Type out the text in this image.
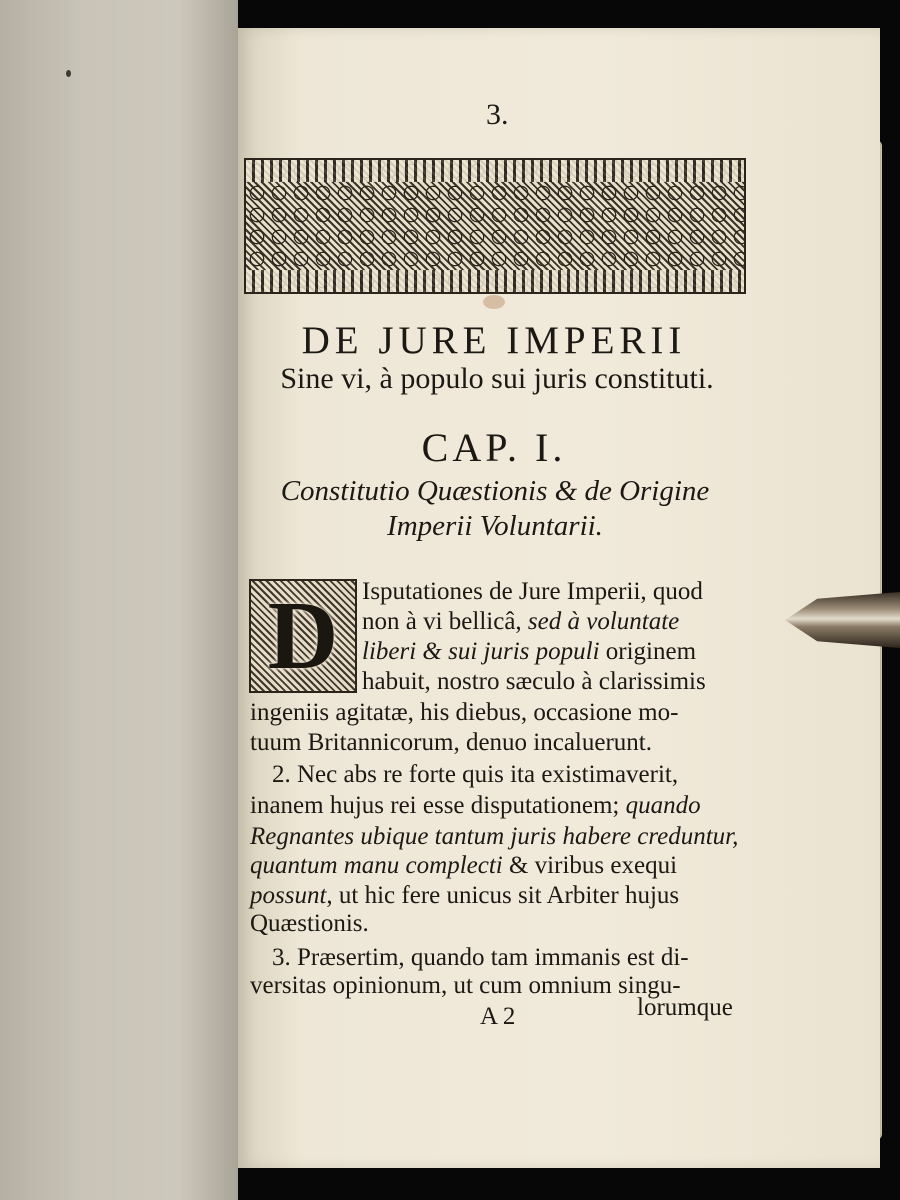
3.
DE JURE IMPERII
Sine vi, à populo sui juris constituti.
CAP. I.
Constitutio Quæstionis & de Origine
Imperii Voluntarii.
D Isputationes de Jure Imperii, quod
non à vi bellicâ, sed à voluntate
liberi & sui juris populi originem
habuit, nostro sæculo à clarissimis
ingeniis agitatæ, his diebus, occasione mo-
tuum Britannicorum, denuo incaluerunt.
2. Nec abs re forte quis ita existimaverit,
inanem hujus rei esse disputationem; quando
Regnantes ubique tantum juris habere creduntur,
quantum manu complecti & viribus exequi
possunt, ut hic fere unicus sit Arbiter hujus
Quæstionis.
3. Præsertim, quando tam immanis est di-
versitas opinionum, ut cum omnium singu-
A 2	lorumque
